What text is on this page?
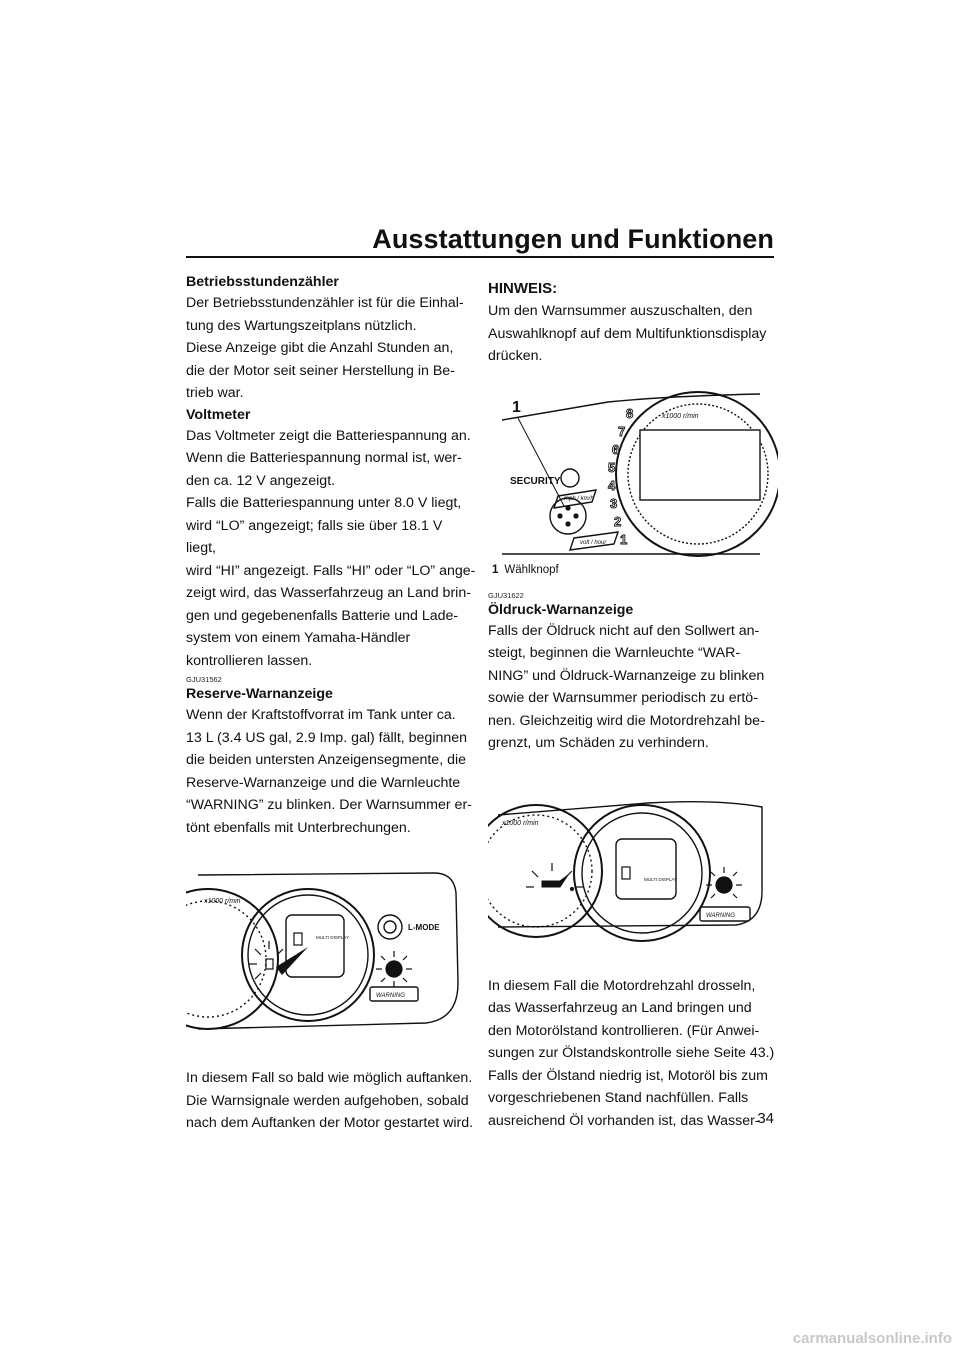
Ausstattungen und Funktionen
Betriebsstundenzähler

Der Betriebsstundenzähler ist für die Einhal-
tung des Wartungszeitplans nützlich.
Diese Anzeige gibt die Anzahl Stunden an,
die der Motor seit seiner Herstellung in Be-
trieb war.

Voltmeter

Das Voltmeter zeigt die Batteriespannung an.
Wenn die Batteriespannung normal ist, wer-
den ca. 12 V angezeigt.
Falls die Batteriespannung unter 8.0 V liegt,
wird “LO” angezeigt; falls sie über 18.1 V liegt,
wird “HI” angezeigt. Falls “HI” oder “LO” ange-
zeigt wird, das Wasserfahrzeug an Land brin-
gen und gegebenenfalls Batterie und Lade-
system von einem Yamaha-Händler
kontrollieren lassen.

GJU31562
Reserve-Warnanzeige

Wenn der Kraftstoffvorrat im Tank unter ca.
13 L (3.4 US gal, 2.9 Imp. gal) fällt, beginnen
die beiden untersten Anzeigensegmente, die
Reserve-Warnanzeige und die Warnleuchte
“WARNING” zu blinken. Der Warnsummer er-
tönt ebenfalls mit Unterbrechungen.

x1000 r/min
MULTI DISPLAY
L-MODE
WARNING

In diesem Fall so bald wie möglich auftanken.
Die Warnsignale werden aufgehoben, sobald
nach dem Auftanken der Motor gestartet wird.

HINWEIS:

Um den Warnsummer auszuschalten, den
Auswahlknopf auf dem Multifunktionsdisplay
drücken.

1
SECURITY
mph / km/h
volt / hour
x1000 r/min
8
7
6
5
4
3
2
1
1 Wählknopf
GJU31622
Öldruck-Warnanzeige

Falls der Öldruck nicht auf den Sollwert an-
steigt, beginnen die Warnleuchte “WAR-
NING” und Öldruck-Warnanzeige zu blinken
sowie der Warnsummer periodisch zu ertö-
nen. Gleichzeitig wird die Motordrehzahl be-
grenzt, um Schäden zu verhindern.

x1000 r/min
MULTI DISPLAY
WARNING

In diesem Fall die Motordrehzahl drosseln,
das Wasserfahrzeug an Land bringen und
den Motorölstand kontrollieren. (Für Anwei-
sungen zur Ölstandskontrolle siehe Seite 43.)
Falls der Ölstand niedrig ist, Motoröl bis zum
vorgeschriebenen Stand nachfüllen. Falls
ausreichend Öl vorhanden ist, das Wasser-

34

carmanualsonline.info
